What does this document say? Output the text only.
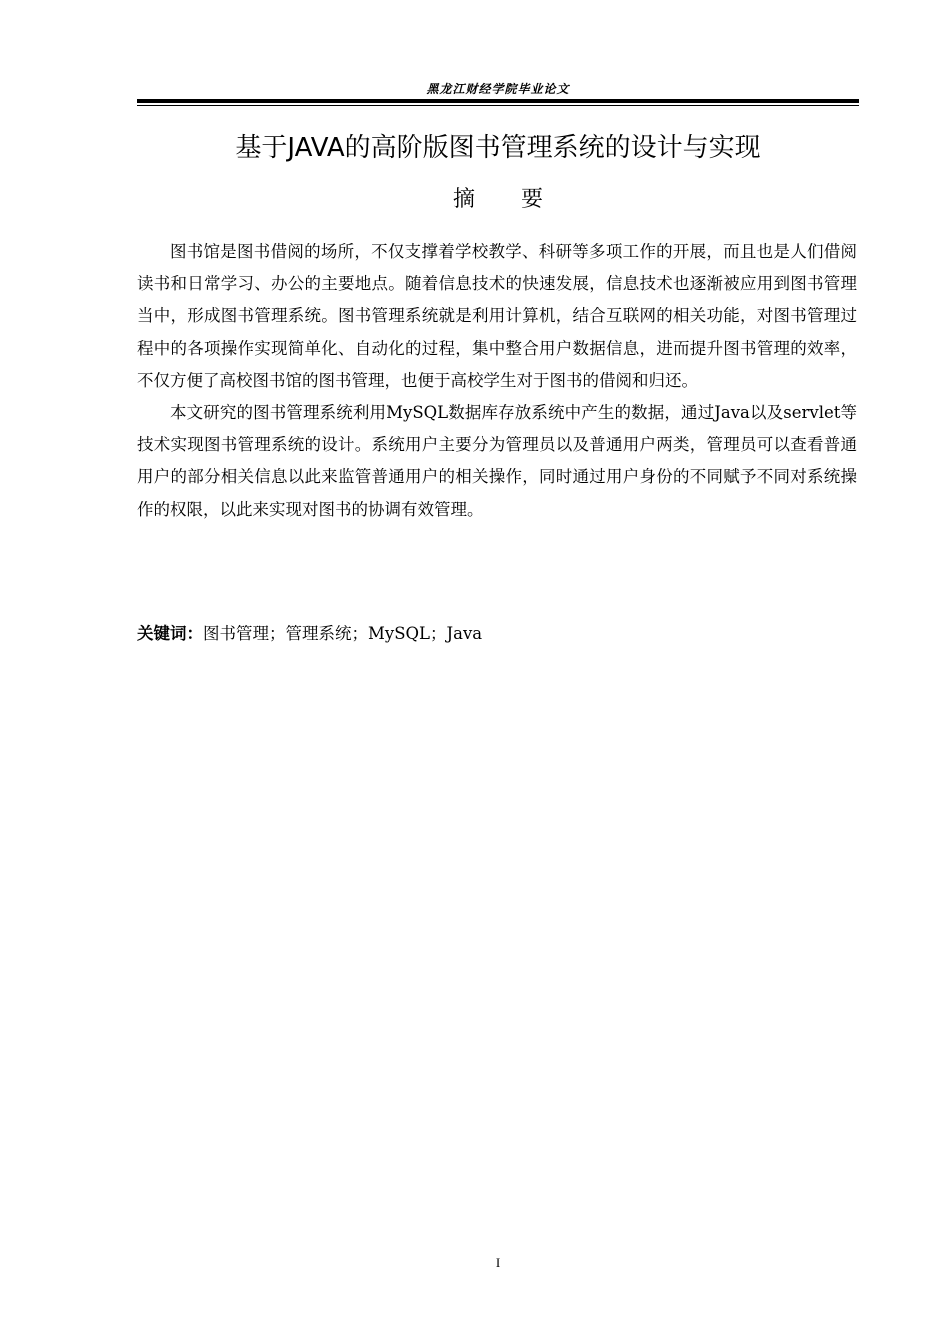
黑龙江财经学院毕业论文
基于JAVA的高阶版图书管理系统的设计与实现
摘 要

图书馆是图书借阅的场所，不仅支撑着学校教学、科研等多项工作的开展，而且也是人们借阅读书和日常学习、办公的主要地点。随着信息技术的快速发展，信息技术也逐渐被应用到图书管理当中，形成图书管理系统。图书管理系统就是利用计算机，结合互联网的相关功能，对图书管理过程中的各项操作实现简单化、自动化的过程，集中整合用户数据信息，进而提升图书管理的效率，不仅方便了高校图书馆的图书管理，也便于高校学生对于图书的借阅和归还。

本文研究的图书管理系统利用MySQL数据库存放系统中产生的数据，通过Java以及servlet等技术实现图书管理系统的设计。系统用户主要分为管理员以及普通用户两类，管理员可以查看普通用户的部分相关信息以此来监管普通用户的相关操作，同时通过用户身份的不同赋予不同对系统操作的权限，以此来实现对图书的协调有效管理。

关键词：图书管理；管理系统；MySQL；Java
I
